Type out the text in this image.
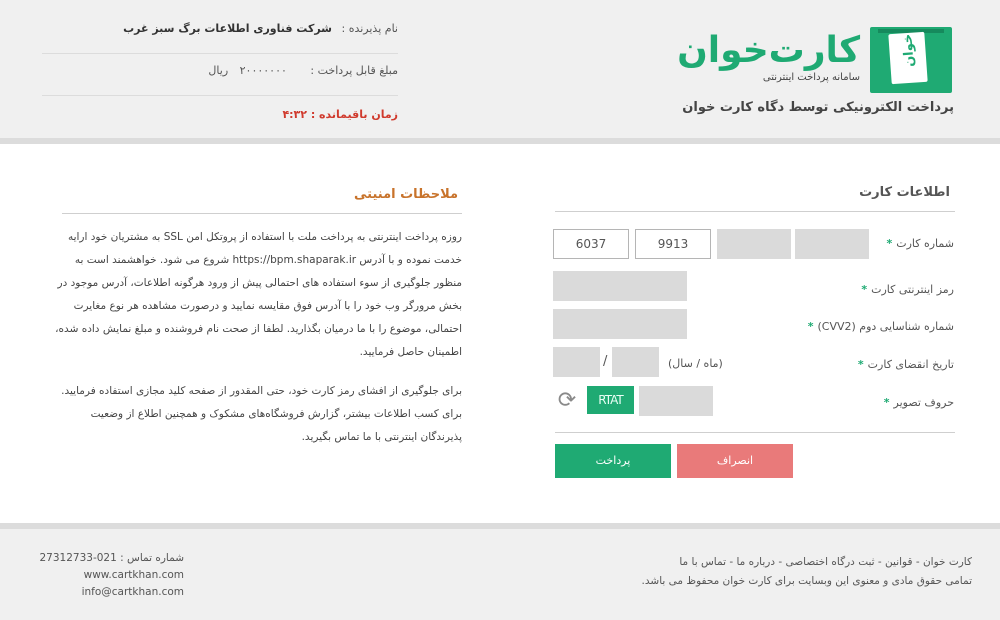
خوان
کارت‌خوان
سامانه پرداخت اینترنتی
پرداخت الکترونیکی توسط دگاه کارت خوان
نام پذیرنده : شرکت فناوری اطلاعات برگ سبز غرب
مبلغ قابل پرداخت : ۲۰۰۰۰۰۰۰ ریال
زمان باقیمانده : ۴:۳۲
ملاحظات امنیتی

روزه پرداخت اینترنتی به پرداخت ملت با استفاده از پروتکل امن SSL به مشتریان خود ارایه خدمت نموده و با آدرس https://bpm.shaparak.ir شروع می شود. خواهشمند است به منظور جلوگیری از سوء استفاده های احتمالی پیش از ورود هرگونه اطلاعات، آدرس موجود در بخش مرورگر وب خود را با آدرس فوق مقایسه نمایید و درصورت مشاهده هر نوع مغایرت احتمالی، موضوع را با ما درمیان بگذارید. لطفا از صحت نام فروشنده و مبلغ نمایش داده شده، اطمینان حاصل فرمایید.

برای جلوگیری از افشای رمز کارت خود، حتی المقدور از صفحه کلید مجازی استفاده فرمایید. برای کسب اطلاعات بیشتر، گزارش فروشگاه‌های مشکوک و همچنین اطلاع از وضعیت پذیرندگان اینترنتی با ما تماس بگیرید.

اطلاعات کارت
شماره کارت*
9913
6037
رمز اینترنتی کارت*
شماره شناسایی دوم (CVV2)*
تاریخ انقضای کارت*
(ماه / سال)
/
حروف تصویر*
RTAT
⟳
پرداخت	انصراف
شماره تماس : 021-27312733
www.cartkhan.com
info@cartkhan.com
کارت خوان - قوانین - ثبت درگاه اختصاصی - درباره ما - تماس با ما
تمامی حقوق مادی و معنوی این وبسایت برای کارت خوان محفوظ می باشد.
